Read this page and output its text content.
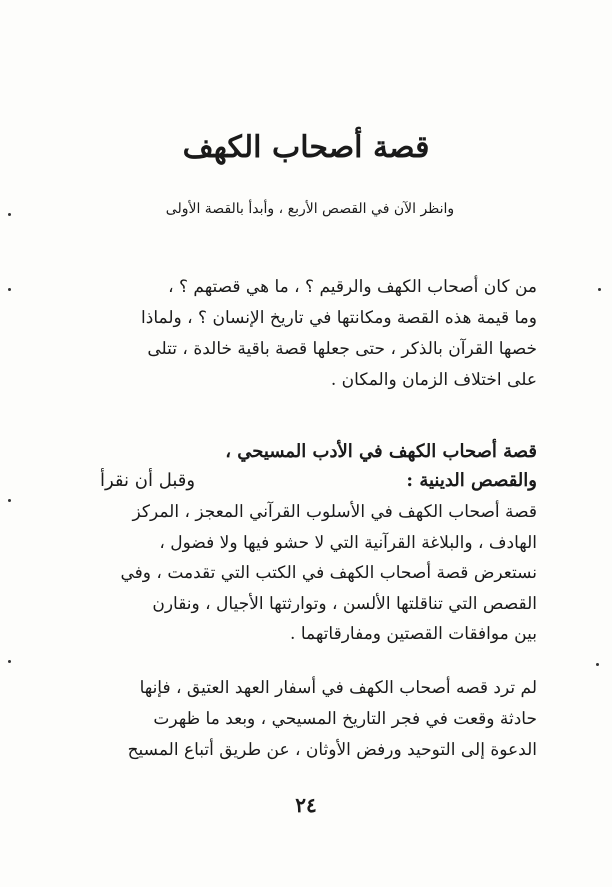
قصة أصحاب الكهف
وانظر الآن في القصص الأربع ، وأبدأ بالقصة الأولى

من كان أصحاب الكهف والرقيم ؟ ، ما هي قصتهم ؟ ،

وما قيمة هذه القصة ومكانتها في تاريخ الإنسان ؟ ، ولماذا

خصها القرآن بالذكر ، حتى جعلها قصة باقية خالدة ، تتلى

على اختلاف الزمان والمكان .

قصة أصحاب الكهف في الأدب المسيحي ،
والقصص الدينية :
وقبل أن نقرأ

قصة أصحاب الكهف في الأسلوب القرآني المعجز ، المركز

الهادف ، والبلاغة القرآنية التي لا حشو فيها ولا فضول ،

نستعرض قصة أصحاب الكهف في الكتب التي تقدمت ، وفي

القصص التي تناقلتها الألسن ، وتوارثتها الأجيال ، ونقارن

بين موافقات القصتين ومفارقاتهما .

لم ترد قصه أصحاب الكهف في أسفار العهد العتيق ، فإنها

حادثة وقعت في فجر التاريخ المسيحي ، وبعد ما ظهرت

الدعوة إلى التوحيد ورفض الأوثان ، عن طريق أتباع المسيح

٢٤
